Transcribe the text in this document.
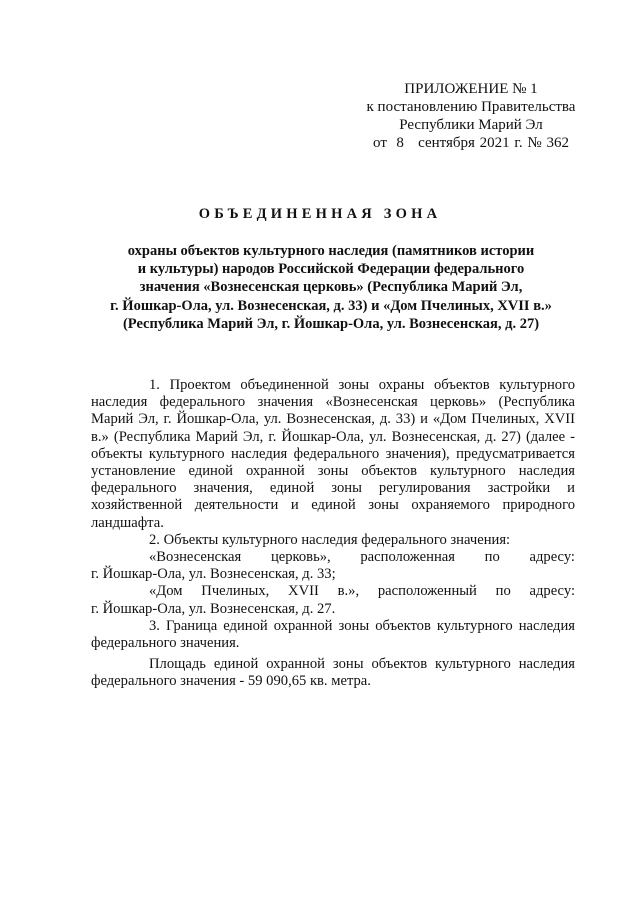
ПРИЛОЖЕНИЕ № 1
к постановлению Правительства
Республики Марий Эл
от  8   сентября 2021 г. № 362
ОБЪЕДИНЕННАЯ ЗОНА
охраны объектов культурного наследия (памятников истории
и культуры) народов Российской Федерации федерального
значения «Вознесенская церковь» (Республика Марий Эл,
г. Йошкар-Ола, ул. Вознесенская, д. 33) и «Дом Пчелиных, XVII в.»
(Республика Марий Эл, г. Йошкар-Ола, ул. Вознесенская, д. 27)

1. Проектом объединенной зоны охраны объектов культурного наследия федерального значения «Вознесенская церковь» (Республика Марий Эл, г. Йошкар-Ола, ул. Вознесенская, д. 33) и «Дом Пчелиных, XVII в.» (Республика Марий Эл, г. Йошкар-Ола, ул. Вознесенская, д. 27) (далее - объекты культурного наследия федерального значения), предусматривается установление единой охранной зоны объектов культурного наследия федерального значения, единой зоны регулирования застройки и хозяйственной деятельности и единой зоны охраняемого природного ландшафта.

2. Объекты культурного наследия федерального значения:

«Вознесенская церковь», расположенная по адресу:

г. Йошкар-Ола, ул. Вознесенская, д. 33;

«Дом Пчелиных, XVII в.», расположенный по адресу:

г. Йошкар-Ола, ул. Вознесенская, д. 27.

3. Граница единой охранной зоны объектов культурного наследия федерального значения.

Площадь единой охранной зоны объектов культурного наследия федерального значения - 59 090,65 кв. метра.
